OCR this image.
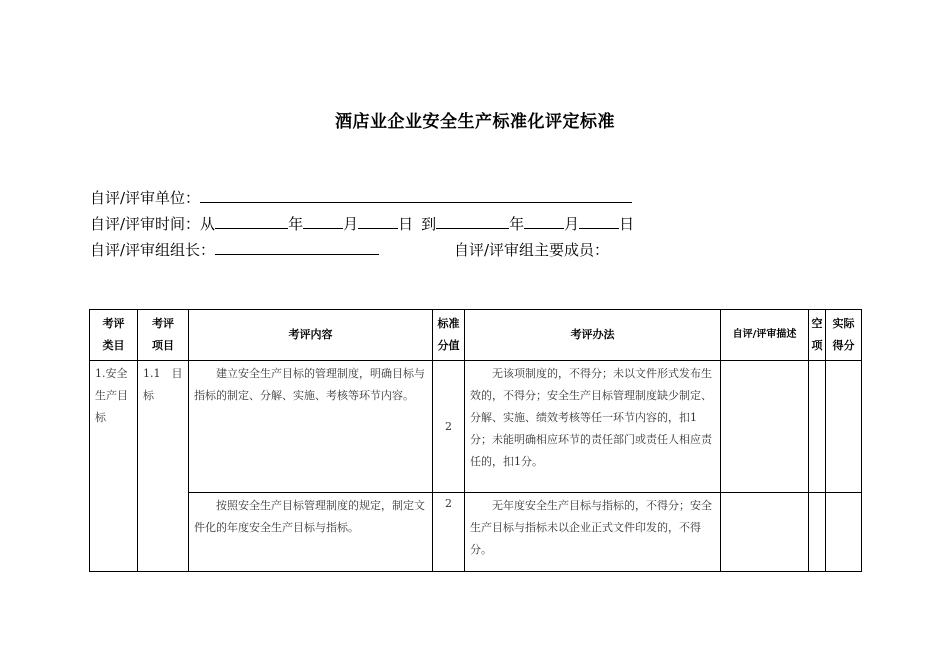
酒店业企业安全生产标准化评定标准
自评/评审单位：
自评/评审时间：从	年	月	日 到	年	月	日
自评/评审组组长：	自评/评审组主要成员：
考评类目	考评项目	考评内容	标准分值	考评办法	自评/评审描述	空项	实际得分

1.安全生产目标	1.1　目标	建立安全生产目标的管理制度，明确目标与指标的制定、分解、实施、考核等环节内容。	2	无该项制度的，不得分；未以文件形式发布生效的，不得分；安全生产目标管理制度缺少制定、分解、实施、绩效考核等任一环节内容的，扣1分；未能明确相应环节的责任部门或责任人相应责任的，扣1分。			

		按照安全生产目标管理制度的规定，制定文件化的年度安全生产目标与指标。	2	无年度安全生产目标与指标的，不得分；安全生产目标与指标未以企业正式文件印发的，不得分。			
